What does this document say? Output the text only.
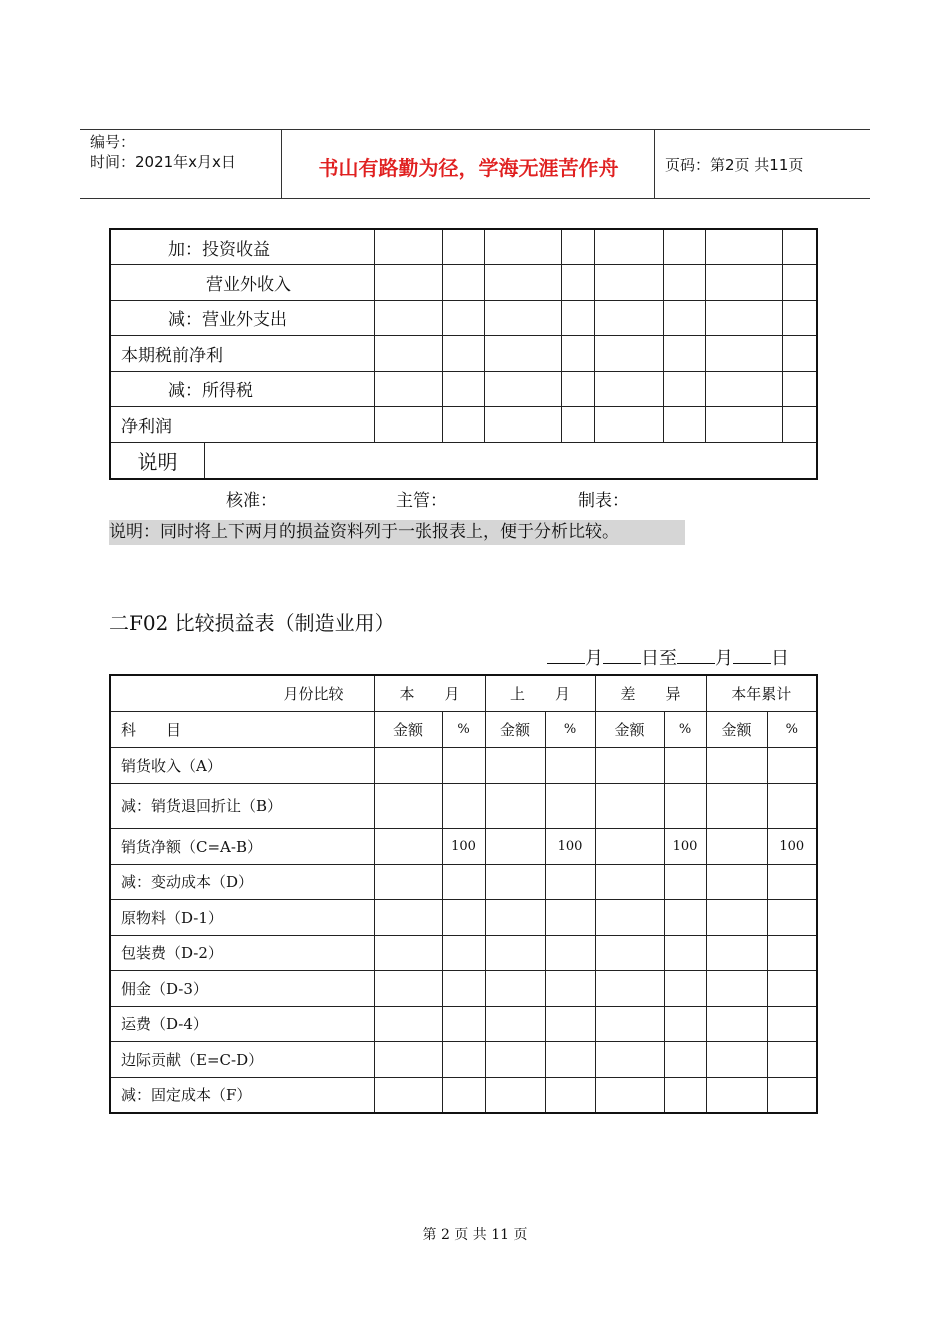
编号：
时间：2021年x月x日	书山有路勤为径，学海无涯苦作舟	页码：第2页 共11页
加：投资收益								
营业外收入								
减：营业外支出								
本期税前净利								
减：所得税								
净利润								

说明								
核准：	主管：	制表：
说明：同时将上下两月的损益资料列于一张报表上，便于分析比较。
二F02 比较损益表（制造业用）
月 日至 月 日
月份比较	本　　月		上　　月		差　　异		本年累计	
科　　目	金额	%	金额	%	金额	%	金额	%
销货收入（A）								
减：销货退回折让（B）								
销货净额（C=A-B）		100		100		100		100
减：变动成本（D）								
原物料（D-1）								
包装费（D-2）								
佣金（D-3）								
运费（D-4）								
边际贡献（E=C-D）								
减：固定成本（F）								
第 2 页 共 11 页
